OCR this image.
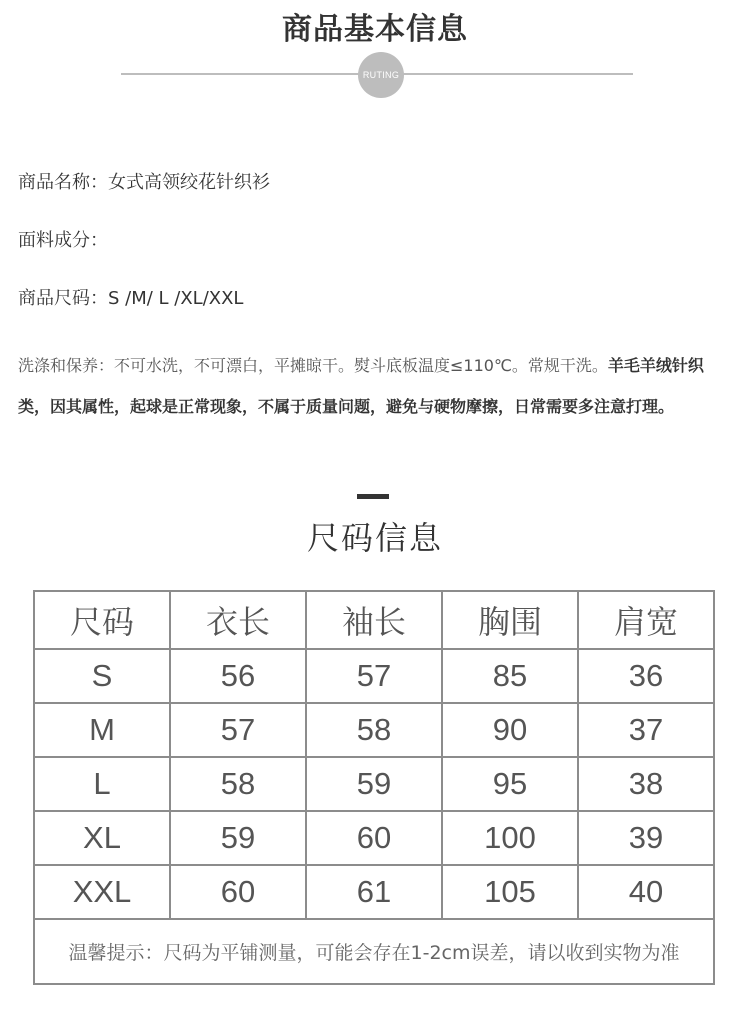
商品基本信息
RUTING
商品名称：女式高领绞花针织衫
面料成分：
商品尺码：S /M/ L /XL/XXL
洗涤和保养：不可水洗，不可漂白，平摊晾干。熨斗底板温度≤110℃。常规干洗。羊毛羊绒针织类，因其属性，起球是正常现象，不属于质量问题，避免与硬物摩擦，日常需要多注意打理。
尺码信息
尺码	衣长	袖长	胸围	肩宽
S	56	57	85	36
M	57	58	90	37
L	58	59	95	38
XL	59	60	100	39
XXL	60	61	105	40
温馨提示：尺码为平铺测量，可能会存在1-2cm误差，请以收到实物为准				
